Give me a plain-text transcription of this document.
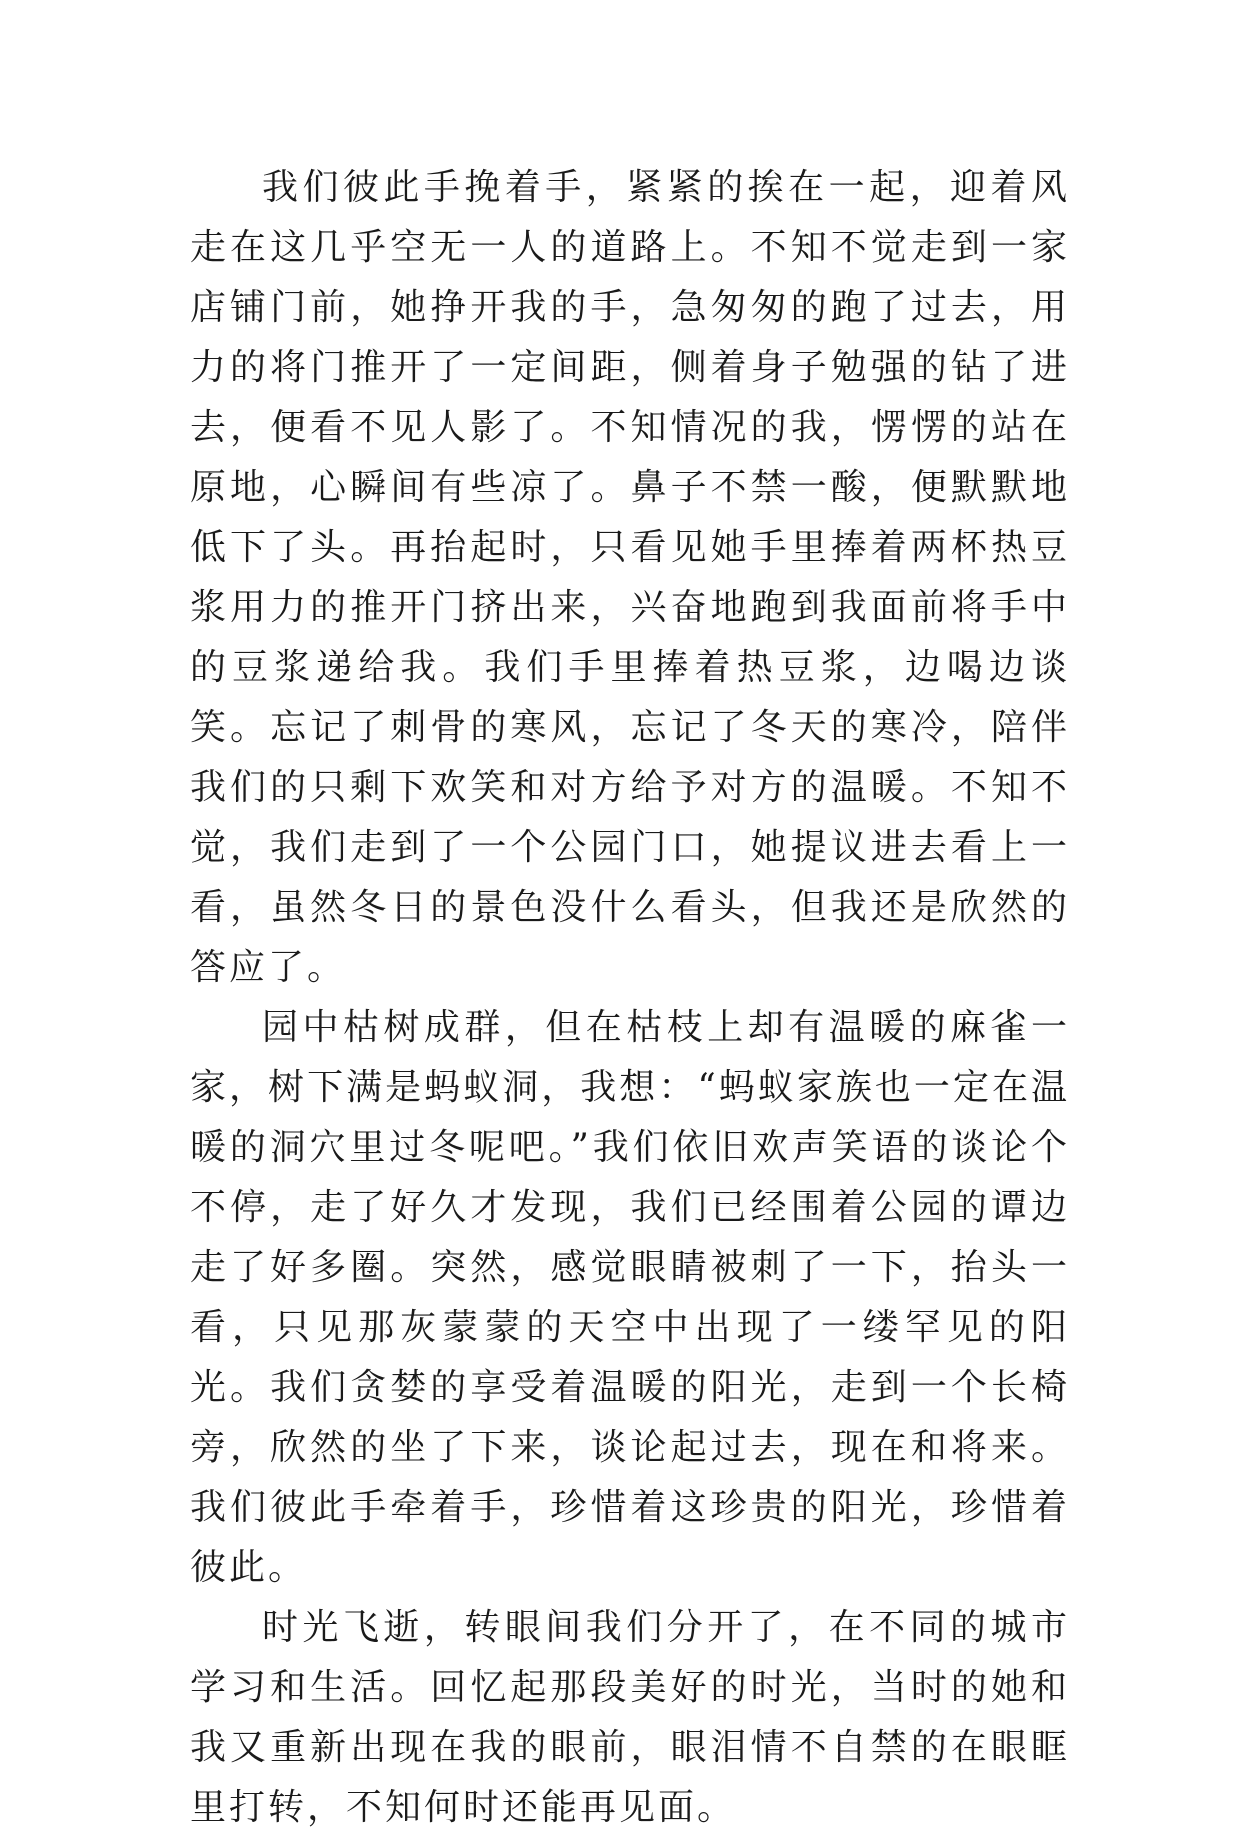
我们彼此手挽着手，紧紧的挨在一起，迎着风走在这几乎空无一人的道路上。不知不觉走到一家店铺门前，她挣开我的手，急匆匆的跑了过去，用力的将门推开了一定间距，侧着身子勉强的钻了进去，便看不见人影了。不知情况的我，愣愣的站在原地，心瞬间有些凉了。鼻子不禁一酸，便默默地低下了头。再抬起时，只看见她手里捧着两杯热豆浆用力的推开门挤出来，兴奋地跑到我面前将手中的豆浆递给我。我们手里捧着热豆浆，边喝边谈笑。忘记了刺骨的寒风，忘记了冬天的寒冷，陪伴我们的只剩下欢笑和对方给予对方的温暖。不知不觉，我们走到了一个公园门口，她提议进去看上一看，虽然冬日的景色没什么看头，但我还是欣然的答应了。

园中枯树成群，但在枯枝上却有温暖的麻雀一家，树下满是蚂蚁洞，我想：“蚂蚁家族也一定在温暖的洞穴里过冬呢吧。”我们依旧欢声笑语的谈论个不停，走了好久才发现，我们已经围着公园的谭边走了好多圈。突然，感觉眼睛被刺了一下，抬头一看，只见那灰蒙蒙的天空中出现了一缕罕见的阳光。我们贪婪的享受着温暖的阳光，走到一个长椅旁，欣然的坐了下来，谈论起过去，现在和将来。我们彼此手牵着手，珍惜着这珍贵的阳光，珍惜着彼此。

时光飞逝，转眼间我们分开了，在不同的城市学习和生活。回忆起那段美好的时光，当时的她和我又重新出现在我的眼前，眼泪情不自禁的在眼眶里打转，不知何时还能再见面。
